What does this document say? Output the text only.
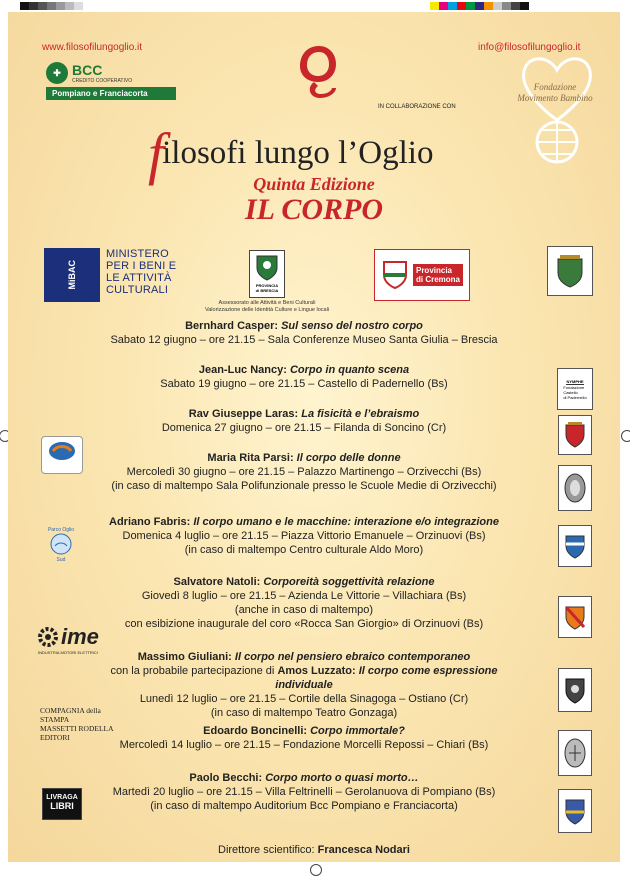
www.filosofilungoglio.it	info@filosofilungoglio.it
✚ BCC
CREDITO COOPERATIVO
Pompiano e Franciacorta
IN COLLABORAZIONE CON
filosofi lungo l’Oglio
Quinta Edizione
IL CORPO
Fondazione
Movimento Bambino
MiBAC
MINISTERO
PER I BENI E
LE ATTIVITÀ
CULTURALI	PROVINCIA
di BRESCIA
Assessorato alle Attività e Beni Culturali
Valorizzazione delle Identità Culture e Lingue locali
Provincia
di Cremona
Bernhard Casper: Sul senso del nostro corpo
Sabato 12 giugno – ore 21.15 – Sala Conferenze Museo Santa Giulia – Brescia
Jean-Luc Nancy: Corpo in quanto scena
Sabato 19 giugno – ore 21.15 – Castello di Padernello (Bs)
Rav Giuseppe Laras: La fisicità e l’ebraismo
Domenica 27 giugno – ore 21.15 – Filanda di Soncino (Cr)
Maria Rita Parsi: Il corpo delle donne
Mercoledì 30 giugno – ore 21.15 – Palazzo Martinengo – Orzivecchi (Bs)
(in caso di maltempo Sala Polifunzionale presso le Scuole Medie di Orzivecchi)
Adriano Fabris: Il corpo umano e le macchine: interazione e/o integrazione
Domenica 4 luglio – ore 21.15 – Piazza Vittorio Emanuele – Orzinuovi (Bs)
(in caso di maltempo Centro culturale Aldo Moro)
Salvatore Natoli: Corporeità soggettività relazione
Giovedì 8 luglio – ore 21.15 – Azienda Le Vittorie – Villachiara (Bs)
(anche in caso di maltempo)
con esibizione inaugurale del coro «Rocca San Giorgio» di Orzinuovi (Bs)
Massimo Giuliani: Il corpo nel pensiero ebraico contemporaneo
con la probabile partecipazione di Amos Luzzato: Il corpo come espressione individuale
Lunedì 12 luglio – ore 21.15 – Cortile della Sinagoga – Ostiano (Cr)
(in caso di maltempo Teatro Gonzaga)
Edoardo Boncinelli: Corpo immortale?
Mercoledì 14 luglio – ore 21.15 – Fondazione Morcelli Repossi – Chiari (Bs)
Paolo Becchi: Corpo morto o quasi morto…
Martedì 20 luglio – ore 21.15 – Villa Feltrinelli – Gerolanuova di Pompiano (Bs)
(in caso di maltempo Auditorium Bcc Pompiano e Franciacorta)
Direttore scientifico: Francesca Nodari
Parco Oglio
Sud
ime
INDUSTRIA MOTORI ELETTRICI
COMPAGNIA della STAMPA
MASSETTI RODELLA EDITORI
LIVRAGA
LIBRI
NYMPHE
Fondazione
Castello
di Padernello
